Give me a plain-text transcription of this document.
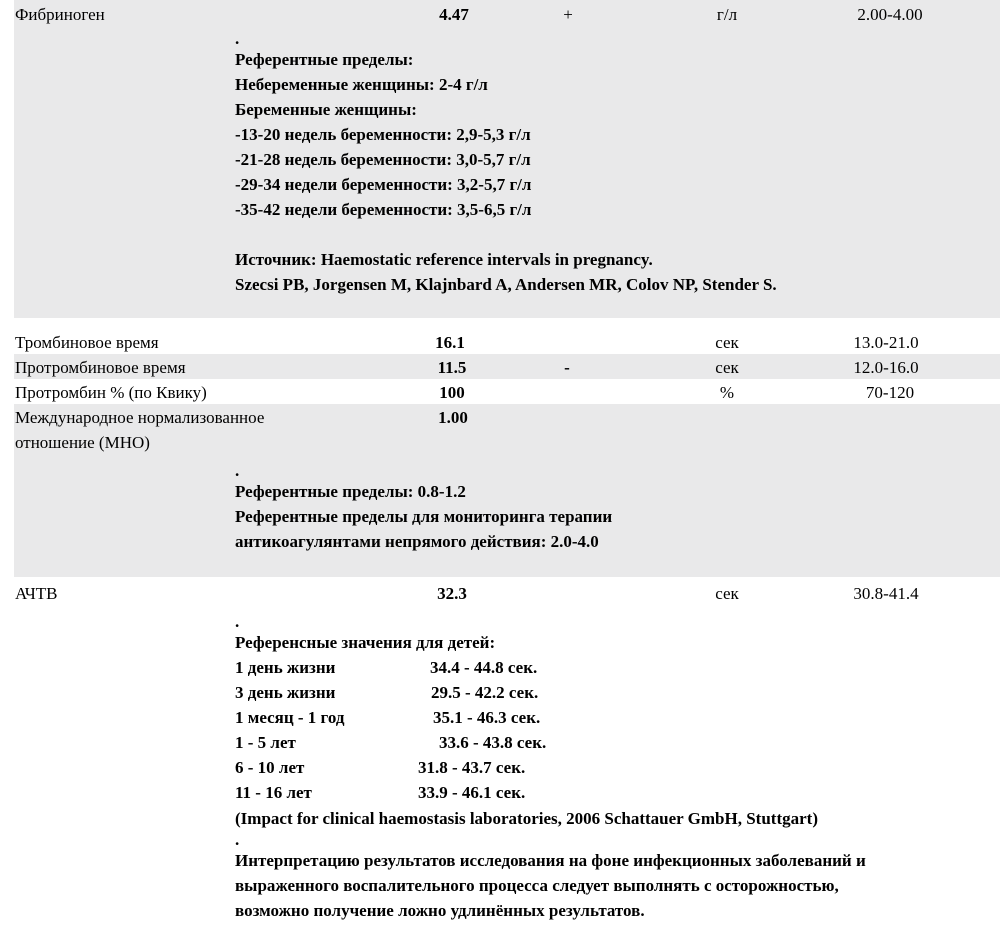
Фибриноген	4.47	+	г/л	2.00-4.00
.
Референтные пределы:
Небеременные женщины: 2-4 г/л
Беременные женщины:
-13-20 недель беременности: 2,9-5,3 г/л
-21-28 недель беременности: 3,0-5,7 г/л
-29-34 недели беременности: 3,2-5,7 г/л
-35-42 недели беременности: 3,5-6,5 г/л
Источник: Haemostatic reference intervals in pregnancy.
Szecsi PB, Jorgensen M, Klajnbard A, Andersen MR, Colov NP, Stender S.
Тромбиновое время	16.1	сек	13.0-21.0
Протромбиновое время	11.5	-	сек	12.0-16.0
Протромбин % (по Квику)	100	%	70-120
Международное нормализованное
отношение (МНО)
1.00
.
Референтные пределы: 0.8-1.2
Референтные пределы для мониторинга терапии
антикоагулянтами непрямого действия: 2.0-4.0
АЧТВ	32.3	сек	30.8-41.4
.
Референсные значения для детей:
1 день жизни	34.4 - 44.8 сек.
3 день жизни	29.5 - 42.2 сек.
1 месяц - 1 год	35.1 - 46.3 сек.
1 - 5 лет	33.6 - 43.8 сек.
6 - 10 лет	31.8 - 43.7 сек.
11 - 16 лет	33.9 - 46.1 сек.
(Impact for clinical haemostasis laboratories, 2006 Schattauer GmbH, Stuttgart)
.
Интерпретацию результатов исследования на фоне инфекционных заболеваний и
выраженного воспалительного процесса следует выполнять с осторожностью,
возможно получение ложно удлинённых результатов.
